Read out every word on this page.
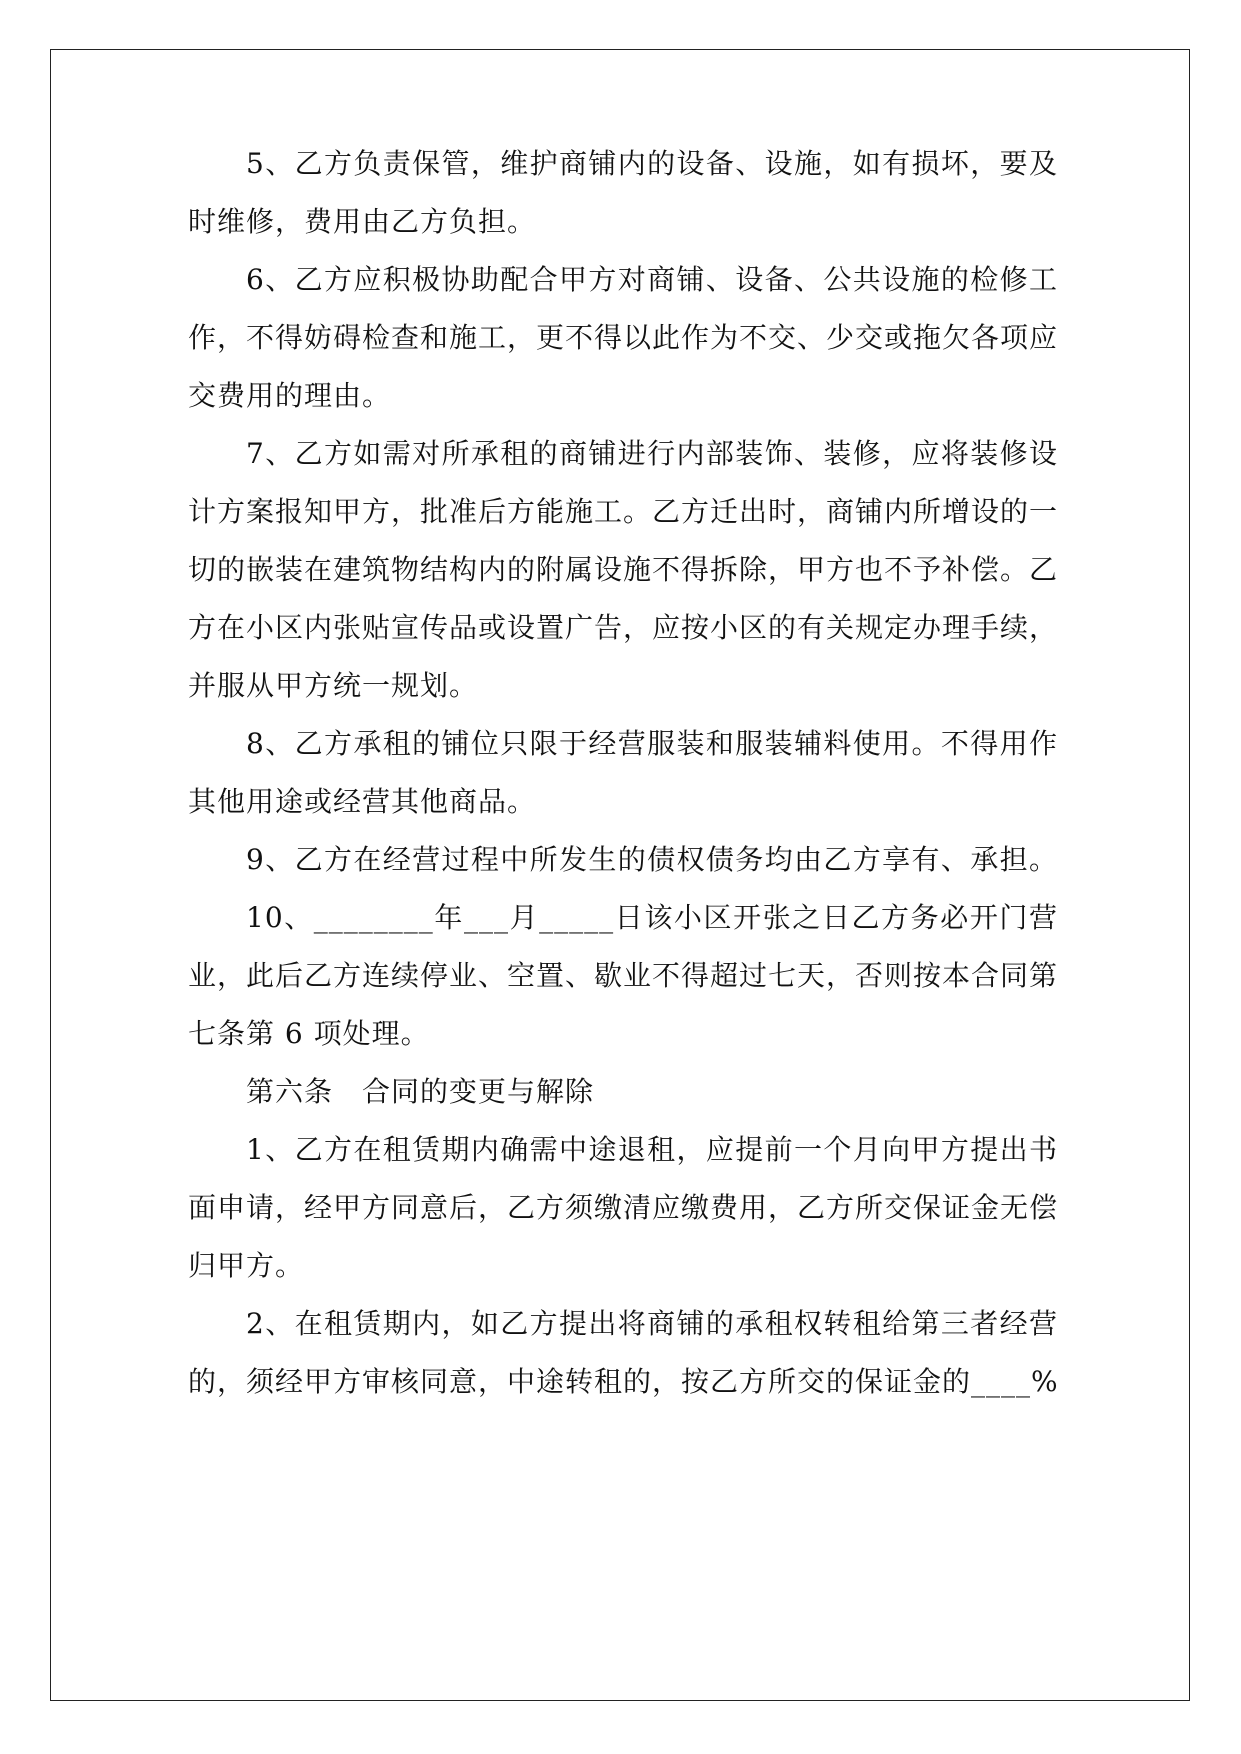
5、乙方负责保管，维护商铺内的设备、设施，如有损坏，要及
时维修，费用由乙方负担。
6、乙方应积极协助配合甲方对商铺、设备、公共设施的检修工
作，不得妨碍检查和施工，更不得以此作为不交、少交或拖欠各项应
交费用的理由。
7、乙方如需对所承租的商铺进行内部装饰、装修，应将装修设
计方案报知甲方，批准后方能施工。乙方迁出时，商铺内所增设的一
切的嵌装在建筑物结构内的附属设施不得拆除，甲方也不予补偿。乙
方在小区内张贴宣传品或设置广告，应按小区的有关规定办理手续，
并服从甲方统一规划。
8、乙方承租的铺位只限于经营服装和服装辅料使用。不得用作
其他用途或经营其他商品。
9、乙方在经营过程中所发生的债权债务均由乙方享有、承担。
10、________年___月_____日该小区开张之日乙方务必开门营
业，此后乙方连续停业、空置、歇业不得超过七天，否则按本合同第
七条第 6 项处理。
第六条　合同的变更与解除
1、乙方在租赁期内确需中途退租，应提前一个月向甲方提出书
面申请，经甲方同意后，乙方须缴清应缴费用，乙方所交保证金无偿
归甲方。
2、在租赁期内，如乙方提出将商铺的承租权转租给第三者经营
的，须经甲方审核同意，中途转租的，按乙方所交的保证金的____%
